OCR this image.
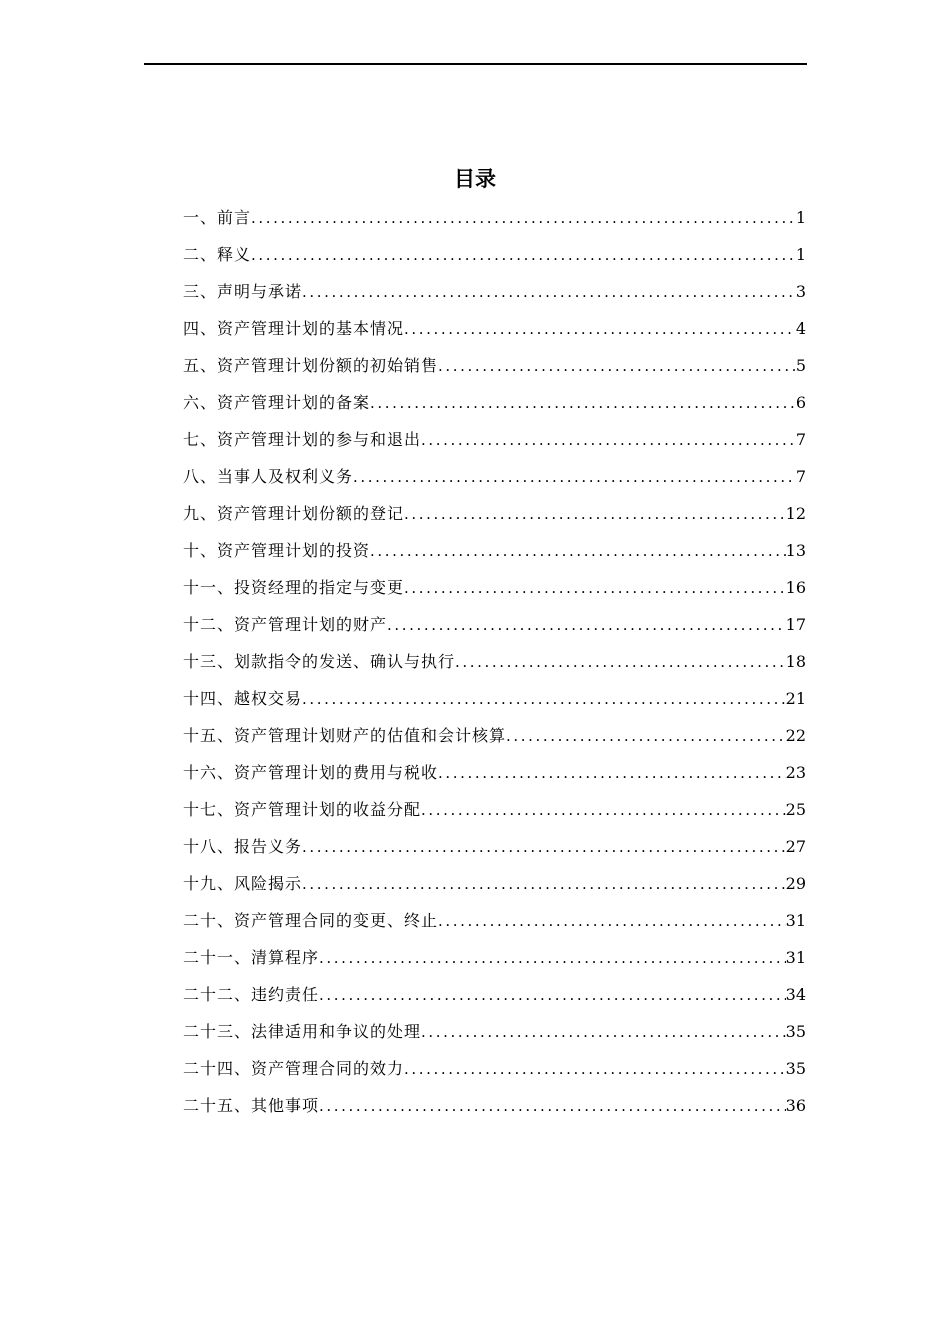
目录
一、前言 .....	1
二、释义 .....	1
三、声明与承诺 .....	3
四、资产管理计划的基本情况 .....	4
五、资产管理计划份额的初始销售 .....	5
六、资产管理计划的备案 .....	6
七、资产管理计划的参与和退出 .....	7
八、当事人及权利义务 .....	7
九、资产管理计划份额的登记 .....	12
十、资产管理计划的投资 .....	13
十一、投资经理的指定与变更 .....	16
十二、资产管理计划的财产 .....	17
十三、划款指令的发送、确认与执行 .....	18
十四、越权交易 .....	21
十五、资产管理计划财产的估值和会计核算 .....	22
十六、资产管理计划的费用与税收 .....	23
十七、资产管理计划的收益分配 .....	25
十八、报告义务 .....	27
十九、风险揭示 .....	29
二十、资产管理合同的变更、终止 .....	31
二十一、清算程序 .....	31
二十二、违约责任 .....	34
二十三、法律适用和争议的处理 .....	35
二十四、资产管理合同的效力 .....	35
二十五、其他事项 .....	36
